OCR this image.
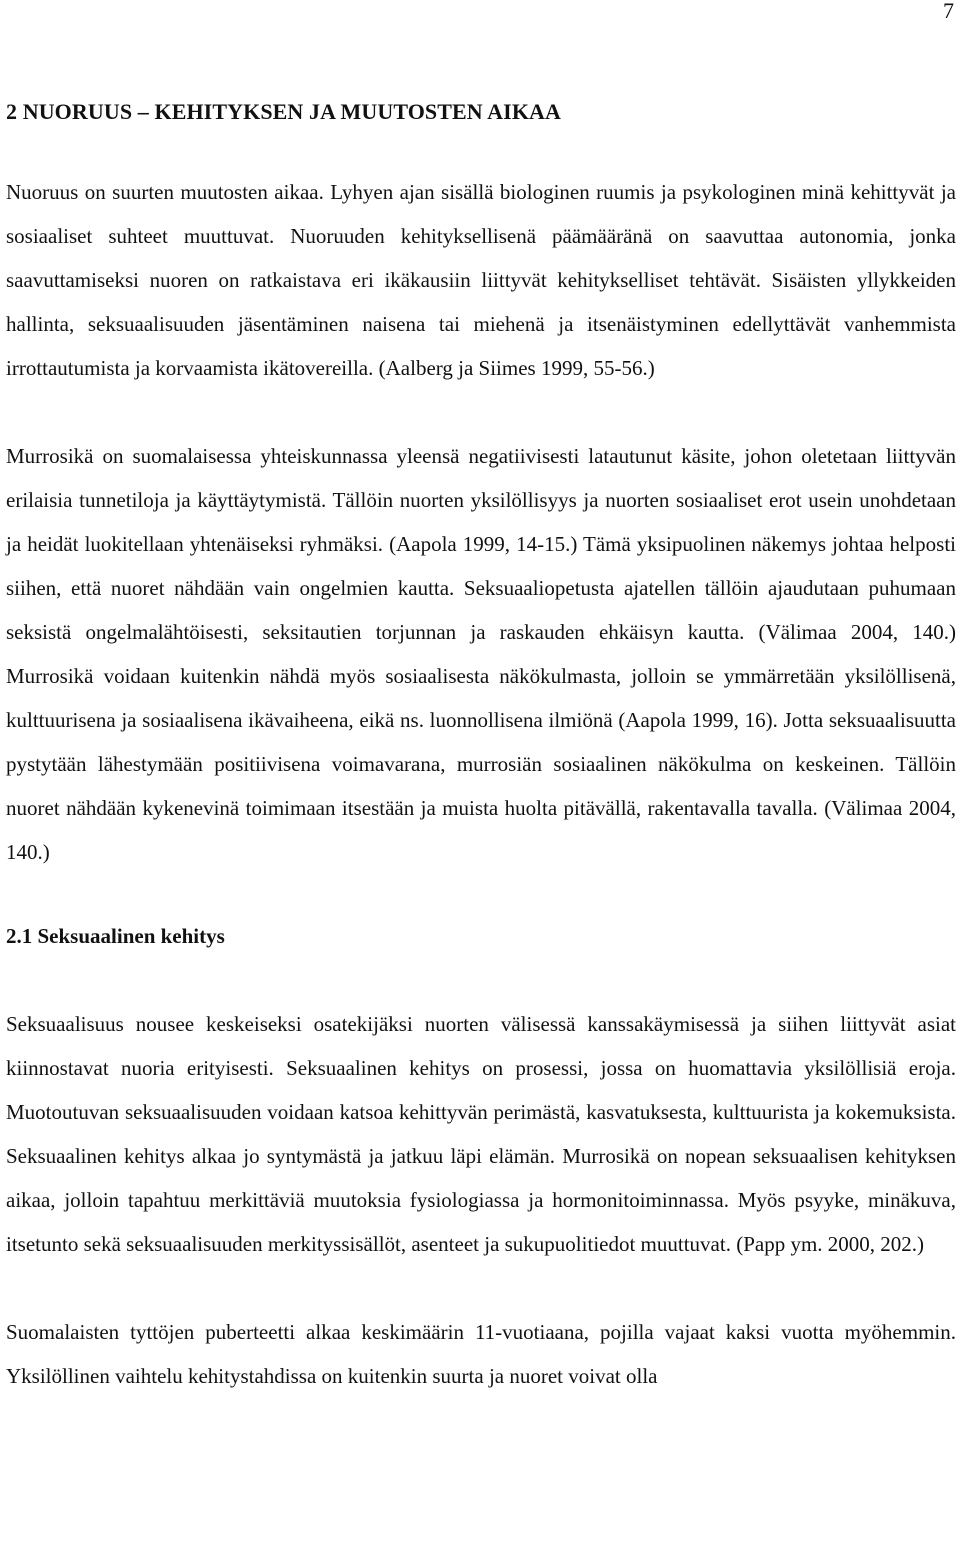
7
2 NUORUUS – KEHITYKSEN JA MUUTOSTEN AIKAA

Nuoruus on suurten muutosten aikaa. Lyhyen ajan sisällä biologinen ruumis ja psykologinen minä kehittyvät ja sosiaaliset suhteet muuttuvat. Nuoruuden kehityksellisenä päämääränä on saavuttaa autonomia, jonka saavuttamiseksi nuoren on ratkaistava eri ikäkausiin liittyvät kehitykselliset tehtävät. Sisäisten yllykkeiden hallinta, seksuaalisuuden jäsentäminen naisena tai miehenä ja itsenäistyminen edellyttävät vanhemmista irrottautumista ja korvaamista ikätovereilla. (Aalberg ja Siimes 1999, 55-56.)

Murrosikä on suomalaisessa yhteiskunnassa yleensä negatiivisesti latautunut käsite, johon oletetaan liittyvän erilaisia tunnetiloja ja käyttäytymistä. Tällöin nuorten yksilöllisyys ja nuorten sosiaaliset erot usein unohdetaan ja heidät luokitellaan yhtenäiseksi ryhmäksi. (Aapola 1999, 14-15.) Tämä yksipuolinen näkemys johtaa helposti siihen, että nuoret nähdään vain ongelmien kautta. Seksuaaliopetusta ajatellen tällöin ajaudutaan puhumaan seksistä ongelmalähtöisesti, seksitautien torjunnan ja raskauden ehkäisyn kautta. (Välimaa 2004, 140.) Murrosikä voidaan kuitenkin nähdä myös sosiaalisesta näkökulmasta, jolloin se ymmärretään yksilöllisenä, kulttuurisena ja sosiaalisena ikävaiheena, eikä ns. luonnollisena ilmiönä (Aapola 1999, 16). Jotta seksuaalisuutta pystytään lähestymään positiivisena voimavarana, murrosiän sosiaalinen näkökulma on keskeinen. Tällöin nuoret nähdään kykenevinä toimimaan itsestään ja muista huolta pitävällä, rakentavalla tavalla. (Välimaa 2004, 140.)

2.1 Seksuaalinen kehitys

Seksuaalisuus nousee keskeiseksi osatekijäksi nuorten välisessä kanssakäymisessä ja siihen liittyvät asiat kiinnostavat nuoria erityisesti. Seksuaalinen kehitys on prosessi, jossa on huomattavia yksilöllisiä eroja. Muotoutuvan seksuaalisuuden voidaan katsoa kehittyvän perimästä, kasvatuksesta, kulttuurista ja kokemuksista. Seksuaalinen kehitys alkaa jo syntymästä ja jatkuu läpi elämän. Murrosikä on nopean seksuaalisen kehityksen aikaa, jolloin tapahtuu merkittäviä muutoksia fysiologiassa ja hormonitoiminnassa. Myös psyyke, minäkuva, itsetunto sekä seksuaalisuuden merkityssisällöt, asenteet ja sukupuolitiedot muuttuvat. (Papp ym. 2000, 202.)

Suomalaisten tyttöjen puberteetti alkaa keskimäärin 11-vuotiaana, pojilla vajaat kaksi vuotta myöhemmin. Yksilöllinen vaihtelu kehitystahdissa on kuitenkin suurta ja nuoret voivat olla
